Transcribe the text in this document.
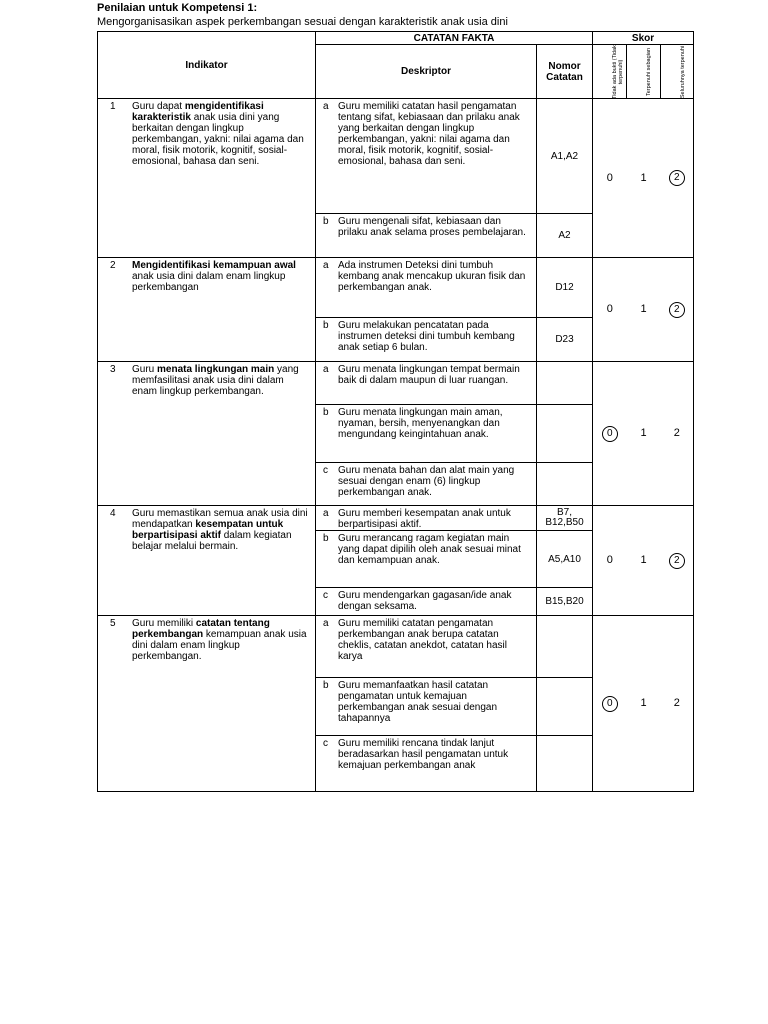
Penilaian untuk Kompetensi 1:
Mengorganisasikan aspek perkembangan sesuai dengan karakteristik anak usia dini
Indikator	CATATAN FAKTA		Skor		
	Deskriptor	Nomor Catatan	Tidak ada bukti (Tidak terpenuhi)	Terpenuhi sebagian	Seluruhnya terpenuhi

1 Guru dapat mengidentifikasi karakteristik anak usia dini yang berkaitan dengan lingkup perkembangan, yakni: nilai agama dan moral, fisik motorik, kognitif, sosial-emosional, bahasa dan seni.	a Guru memiliki catatan hasil pengamatan tentang sifat, kebiasaan dan prilaku anak yang berkaitan dengan lingkup perkembangan, yakni: nilai agama dan moral, fisik motorik, kognitif, sosial-emosional, bahasa dan seni.	A1,A2	0	1	2

	b Guru mengenali sifat, kebiasaan dan prilaku anak selama proses pembelajaran.	A2			

2 Mengidentifikasi kemampuan awal anak usia dini dalam enam lingkup perkembangan	a Ada instrumen Deteksi dini tumbuh kembang anak mencakup ukuran fisik dan perkembangan anak.	D12	0	1	2

	b Guru melakukan pencatatan pada instrumen deteksi dini tumbuh kembang anak setiap 6 bulan.	D23			

3 Guru menata lingkungan main yang memfasilitasi anak usia dini dalam enam lingkup perkembangan.	a Guru menata lingkungan tempat bermain baik di dalam maupun di luar ruangan.		0	1	2

	b Guru menata lingkungan main aman, nyaman, bersih, menyenangkan dan mengundang keingintahuan anak.				

	c Guru menata bahan dan alat main yang sesuai dengan enam (6) lingkup perkembangan anak.				

4 Guru memastikan semua anak usia dini mendapatkan kesempatan untuk berpartisipasi aktif dalam kegiatan belajar melalui bermain.	a Guru memberi kesempatan anak untuk berpartisipasi aktif.	B7, B12,B50	0	1	2

	b Guru merancang ragam kegiatan main yang dapat dipilih oleh anak sesuai minat dan kemampuan anak.	A5,A10			

	c Guru mendengarkan gagasan/ide anak dengan seksama.	B15,B20			

5 Guru memiliki catatan tentang perkembangan kemampuan anak usia dini dalam enam lingkup perkembangan.	a Guru memiliki catatan pengamatan perkembangan anak berupa catatan cheklis, catatan anekdot, catatan hasil karya		0	1	2

	b Guru memanfaatkan hasil catatan pengamatan untuk kemajuan perkembangan anak sesuai dengan tahapannya				

	c Guru memiliki rencana tindak lanjut beradasarkan hasil pengamatan untuk kemajuan perkembangan anak				
